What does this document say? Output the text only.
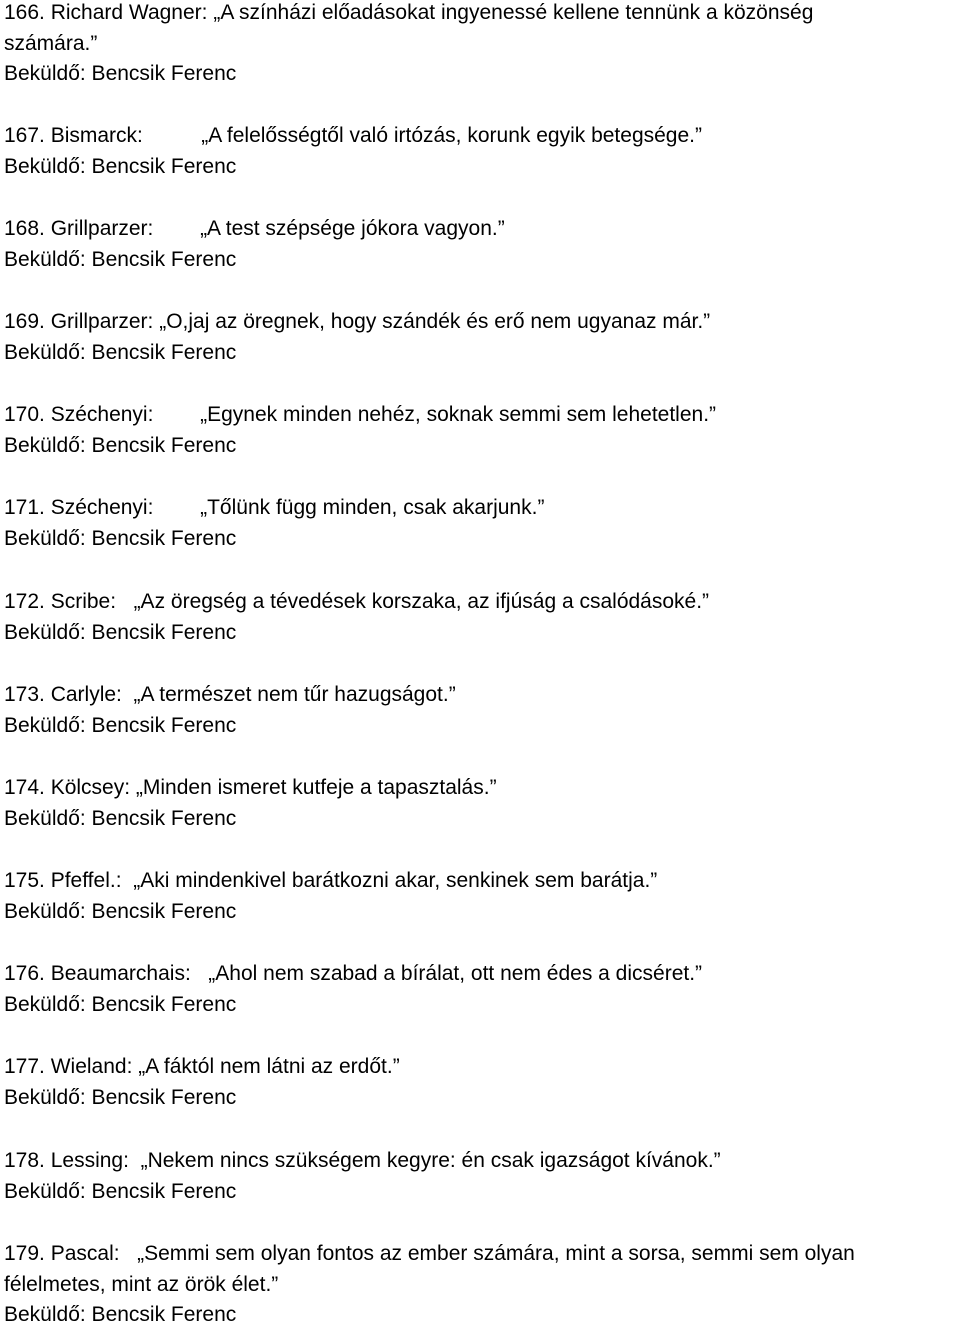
166. Richard Wagner: „A színházi előadásokat ingyenessé kellene tennünk a közönség
számára.”
Beküldő: Bencsik Ferenc
167. Bismarck:          „A felelősségtől való irtózás, korunk egyik betegsége.”
Beküldő: Bencsik Ferenc
168. Grillparzer:        „A test szépsége jókora vagyon.”
Beküldő: Bencsik Ferenc
169. Grillparzer: „O,jaj az öregnek, hogy szándék és erő nem ugyanaz már.”
Beküldő: Bencsik Ferenc
170. Széchenyi:        „Egynek minden nehéz, soknak semmi sem lehetetlen.”
Beküldő: Bencsik Ferenc
171. Széchenyi:        „Tőlünk függ minden, csak akarjunk.”
Beküldő: Bencsik Ferenc
172. Scribe:   „Az öregség a tévedések korszaka, az ifjúság a csalódásoké.”
Beküldő: Bencsik Ferenc
173. Carlyle:  „A természet nem tűr hazugságot.”
Beküldő: Bencsik Ferenc
174. Kölcsey: „Minden ismeret kutfeje a tapasztalás.”
Beküldő: Bencsik Ferenc
175. Pfeffel.:  „Aki mindenkivel barátkozni akar, senkinek sem barátja.”
Beküldő: Bencsik Ferenc
176. Beaumarchais:   „Ahol nem szabad a bírálat, ott nem édes a dicséret.”
Beküldő: Bencsik Ferenc
177. Wieland: „A fáktól nem látni az erdőt.”
Beküldő: Bencsik Ferenc
178. Lessing:  „Nekem nincs szükségem kegyre: én csak igazságot kívánok.”
Beküldő: Bencsik Ferenc
179. Pascal:   „Semmi sem olyan fontos az ember számára, mint a sorsa, semmi sem olyan
félelmetes, mint az örök élet.”
Beküldő: Bencsik Ferenc
